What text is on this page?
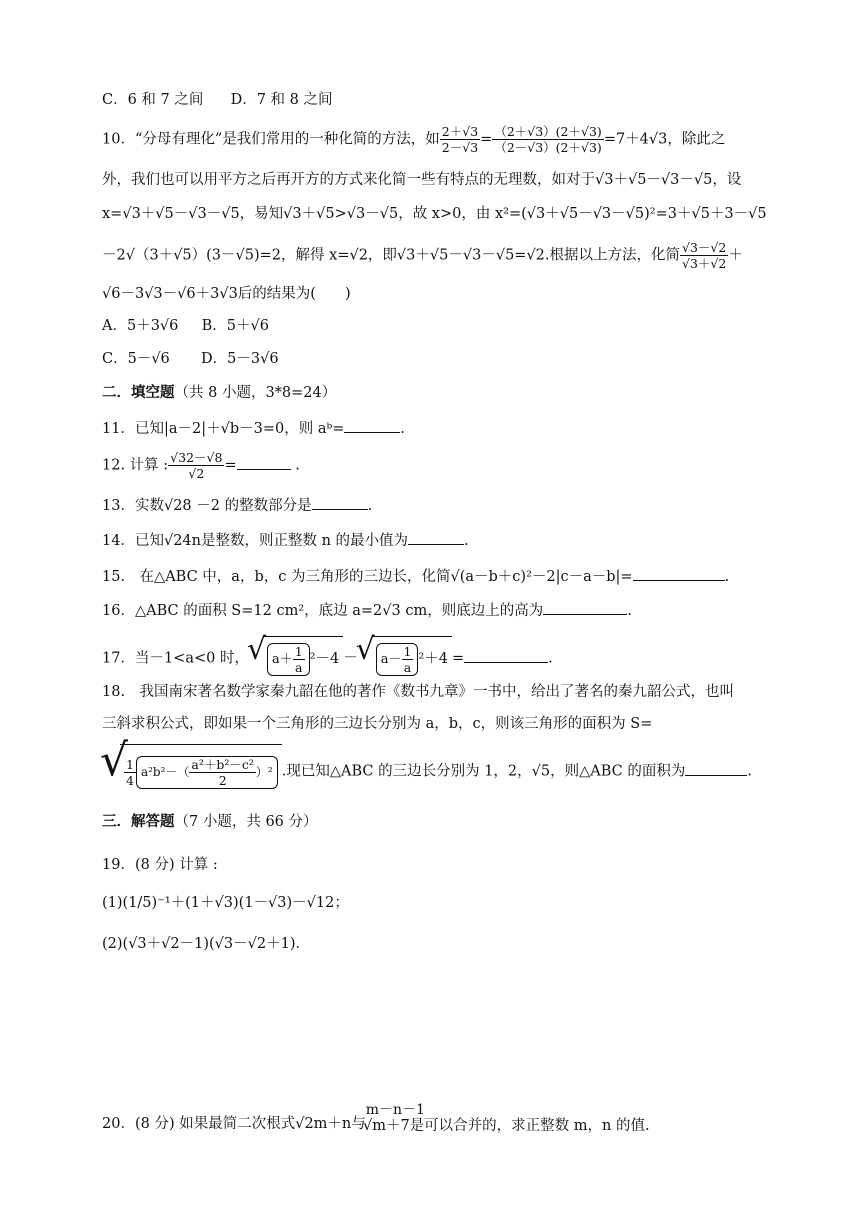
C．6 和 7 之间 D．7 和 8 之间
10．“分母有理化”是我们常用的一种化简的方法，如 $\frac{2+√3}{2-√3} = \frac{(2+√3)(2+√3)}{(2-√3)(2+√3)} =7+4√3$，除此之
外，我们也可以用平方之后再开方的方式来化简一些有特点的无理数，如对于√3＋√5－√3－√5，设
x=√3＋√5－√3－√5，易知√3＋√5>√3－√5，故 x>0，由 x²=(√3＋√5－√3－√5)²=3＋√5＋3－√5
－2√（3＋√5）(3－√5)=2，解得 x=√2，即√3＋√5－√3－√5=√2.根据以上方法，化简 $\frac{√3-√2}{√3+√2}$ ＋
√6－3√3－√6＋3√3后的结果为(　　)
A．5＋3√6 B．5＋√6
C．5－√6 D．5－3√6
二．填空题（共 8 小题，3*8=24）
11．已知|a－2|＋√b－3=0，则 aᵇ=	.
12. 计算 : $\frac{√32-√8}{√2}$ =	.
13．实数√28 －2 的整数部分是	.
14．已知√24n是整数，则正整数 n 的最小值为	.
15.　在△ABC 中，a，b，c 为三角形的三边长，化简√(a－b＋c)²－2|c－a－b|=	.
16．△ABC 的面积 S=12 cm²，底边 a=2√3 cm，则底边上的高为	.
17．当－1<a<0 时，
√ $a+ \frac{1}{a} ^2-4$ －
√ $a- \frac{1}{a} ^2+4$ =	.
18.　我国南宋著名数学家秦九韶在他的著作《数书九章》一书中，给出了著名的秦九韶公式，也叫
三斜求积公式，即如果一个三角形的三边长分别为 a，b，c，则该三角形的面积为 S=
√
$\frac{1}{4} a^2b^2-( \frac{\text{a²＋b²－c²}}{2} )^2$ .现已知△ABC 的三边长分别为 1，2，√5，则△ABC 的面积为	.
三．解答题（7 小题，共 66 分）
19．(8 分) 计算 :
(1)(1/5)⁻¹＋(1＋√3)(1－√3)－√12；
(2)(√3＋√2－1)(√3－√2＋1)．
20．(8 分) 如果最简二次根式√2m＋n与m－n－1√m＋7是可以合并的，求正整数 m，n 的值.
